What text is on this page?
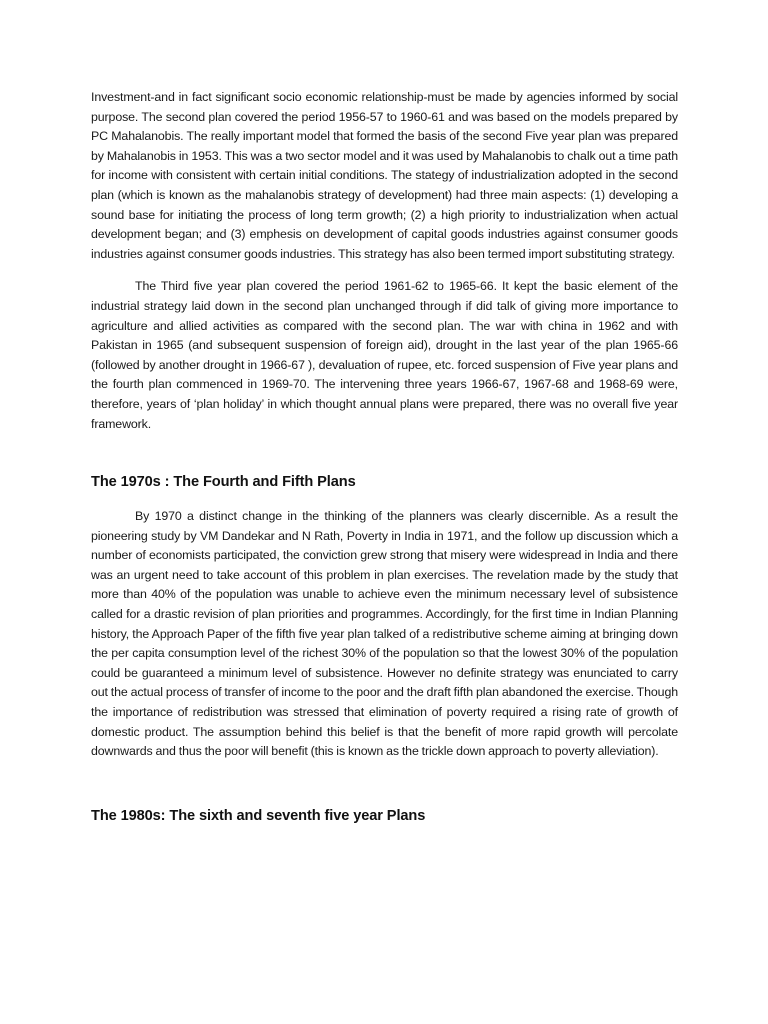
Investment-and in fact significant socio economic relationship-must be made by agencies informed by social purpose. The second plan covered the period 1956-57 to 1960-61 and was based on the models prepared by PC Mahalanobis. The really important model that formed the basis of the second Five year plan was prepared by Mahalanobis in 1953. This was a two sector model and it was used by Mahalanobis to chalk out a time path for income with consistent with certain initial conditions. The stategy of industrialization adopted in the second plan (which is known as the mahalanobis strategy of development) had three main aspects: (1) developing a sound base for initiating the process of long term growth; (2) a high priority to industrialization when actual development began; and (3) emphesis on development of capital goods industries against consumer goods industries against consumer goods industries. This strategy has also been termed import substituting strategy.

The Third five year plan covered the period 1961-62 to 1965-66. It kept the basic element of the industrial strategy laid down in the second plan unchanged through if did talk of giving more importance to agriculture and allied activities as compared with the second plan. The war with china in 1962 and with Pakistan in 1965 (and subsequent suspension of foreign aid), drought in the last year of the plan 1965-66 (followed by another drought in 1966-67 ), devaluation of rupee, etc. forced suspension of Five year plans and the fourth plan commenced in 1969-70. The intervening three years 1966-67, 1967-68 and 1968-69 were, therefore, years of ‘plan holiday’ in which thought annual plans were prepared, there was no overall five year framework.

The 1970s : The Fourth and Fifth Plans

By 1970 a distinct change in the thinking of the planners was clearly discernible. As a result the pioneering study by VM Dandekar and N Rath, Poverty in India in 1971, and the follow up discussion which a number of economists participated, the conviction grew strong that misery were widespread in India and there was an urgent need to take account of this problem in plan exercises. The revelation made by the study that more than 40% of the population was unable to achieve even the minimum necessary level of subsistence called for a drastic revision of plan priorities and programmes. Accordingly, for the first time in Indian Planning history, the Approach Paper of the fifth five year plan talked of a redistributive scheme aiming at bringing down the per capita consumption level of the richest 30% of the population so that the lowest 30% of the population could be guaranteed a minimum level of subsistence. However no definite strategy was enunciated to carry out the actual process of transfer of income to the poor and the draft fifth plan abandoned the exercise. Though the importance of redistribution was stressed that elimination of poverty required a rising rate of growth of domestic product. The assumption behind this belief is that the benefit of more rapid growth will percolate downwards and thus the poor will benefit (this is known as the trickle down approach to poverty alleviation).

The 1980s: The sixth and seventh five year Plans
